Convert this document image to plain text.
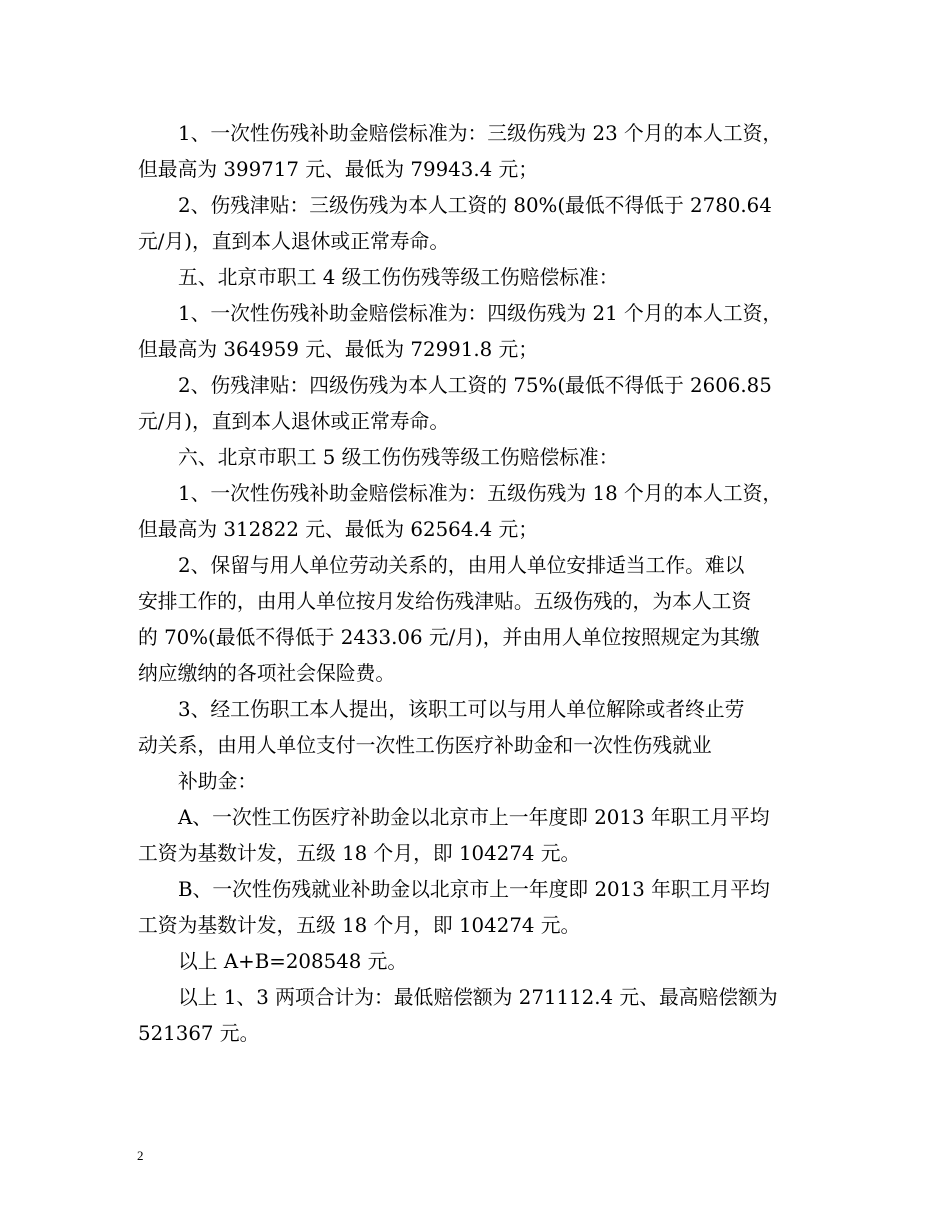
1、一次性伤残补助金赔偿标准为：三级伤残为 23 个月的本人工资，
但最高为 399717 元、最低为 79943.4 元；

2、伤残津贴：三级伤残为本人工资的 80%(最低不得低于 2780.64
元/月)，直到本人退休或正常寿命。

五、北京市职工 4 级工伤伤残等级工伤赔偿标准：

1、一次性伤残补助金赔偿标准为：四级伤残为 21 个月的本人工资，
但最高为 364959 元、最低为 72991.8 元；

2、伤残津贴：四级伤残为本人工资的 75%(最低不得低于 2606.85
元/月)，直到本人退休或正常寿命。

六、北京市职工 5 级工伤伤残等级工伤赔偿标准：

1、一次性伤残补助金赔偿标准为：五级伤残为 18 个月的本人工资，
但最高为 312822 元、最低为 62564.4 元；

2、保留与用人单位劳动关系的，由用人单位安排适当工作。难以
安排工作的，由用人单位按月发给伤残津贴。五级伤残的，为本人工资
的 70%(最低不得低于 2433.06 元/月)，并由用人单位按照规定为其缴
纳应缴纳的各项社会保险费。

3、经工伤职工本人提出，该职工可以与用人单位解除或者终止劳
动关系，由用人单位支付一次性工伤医疗补助金和一次性伤残就业

补助金：

A、一次性工伤医疗补助金以北京市上一年度即 2013 年职工月平均
工资为基数计发，五级 18 个月，即 104274 元。

B、一次性伤残就业补助金以北京市上一年度即 2013 年职工月平均
工资为基数计发，五级 18 个月，即 104274 元。

以上 A+B=208548 元。

以上 1、3 两项合计为：最低赔偿额为 271112.4 元、最高赔偿额为
521367 元。

2
